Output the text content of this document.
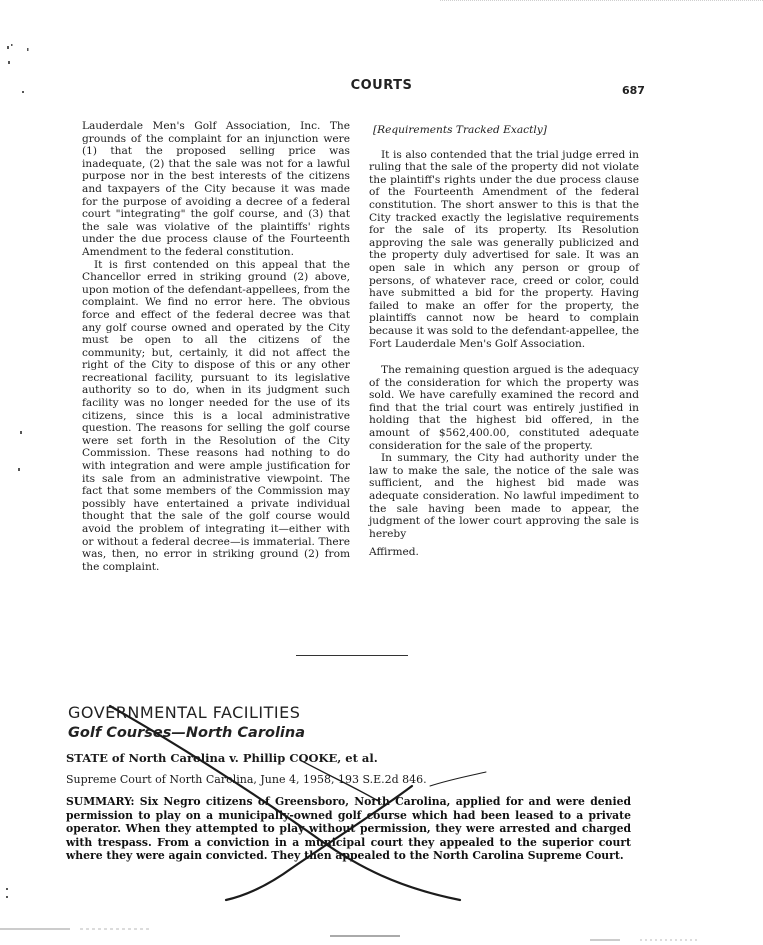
COURTS	687

Lauderdale Men's Golf Association, Inc. The grounds of the complaint for an injunction were (1) that the proposed selling price was inadequate, (2) that the sale was not for a lawful purpose nor in the best interests of the citizens and taxpayers of the City because it was made for the purpose of avoiding a decree of a federal court "integrating" the golf course, and (3) that the sale was violative of the plaintiffs' rights under the due process clause of the Fourteenth Amendment to the federal constitution.

It is first contended on this appeal that the Chancellor erred in striking ground (2) above, upon motion of the defendant-appellees, from the complaint. We find no error here. The obvious force and effect of the federal decree was that any golf course owned and operated by the City must be open to all the citizens of the community; but, certainly, it did not affect the right of the City to dispose of this or any other recreational facility, pursuant to its legislative authority so to do, when in its judgment such facility was no longer needed for the use of its citizens, since this is a local administrative question. The reasons for selling the golf course were set forth in the Resolution of the City Commission. These reasons had nothing to do with integration and were ample justification for its sale from an administrative viewpoint. The fact that some members of the Commission may possibly have entertained a private individual thought that the sale of the golf course would avoid the problem of integrating it—either with or without a federal decree—is immaterial. There was, then, no error in striking ground (2) from the complaint.

[Requirements Tracked Exactly]

It is also contended that the trial judge erred in ruling that the sale of the property did not violate the plaintiff's rights under the due process clause of the Fourteenth Amendment of the federal constitution. The short answer to this is that the City tracked exactly the legislative requirements for the sale of its property. Its Resolution approving the sale was generally publicized and the property duly advertised for sale. It was an open sale in which any person or group of persons, of whatever race, creed or color, could have submitted a bid for the property. Having failed to make an offer for the property, the plaintiffs cannot now be heard to complain because it was sold to the defendant-appellee, the Fort Lauderdale Men's Golf Association.

The remaining question argued is the adequacy of the consideration for which the property was sold. We have carefully examined the record and find that the trial court was entirely justified in holding that the highest bid offered, in the amount of $562,400.00, constituted adequate consideration for the sale of the property.

In summary, the City had authority under the law to make the sale, the notice of the sale was sufficient, and the highest bid made was adequate consideration. No lawful impediment to the sale having been made to appear, the judgment of the lower court approving the sale is hereby

Affirmed.

GOVERNMENTAL FACILITIES
Golf Courses—North Carolina
STATE of North Carolina v. Phillip COOKE, et al.
Supreme Court of North Carolina, June 4, 1958, 193 S.E.2d 846.
SUMMARY: Six Negro citizens of Greensboro, North Carolina, applied for and were denied permission to play on a municipally-owned golf course which had been leased to a private operator. When they attempted to play without permission, they were arrested and charged with trespass. From a conviction in a municipal court they appealed to the superior court where they were again convicted. They then appealed to the North Carolina Supreme Court.
